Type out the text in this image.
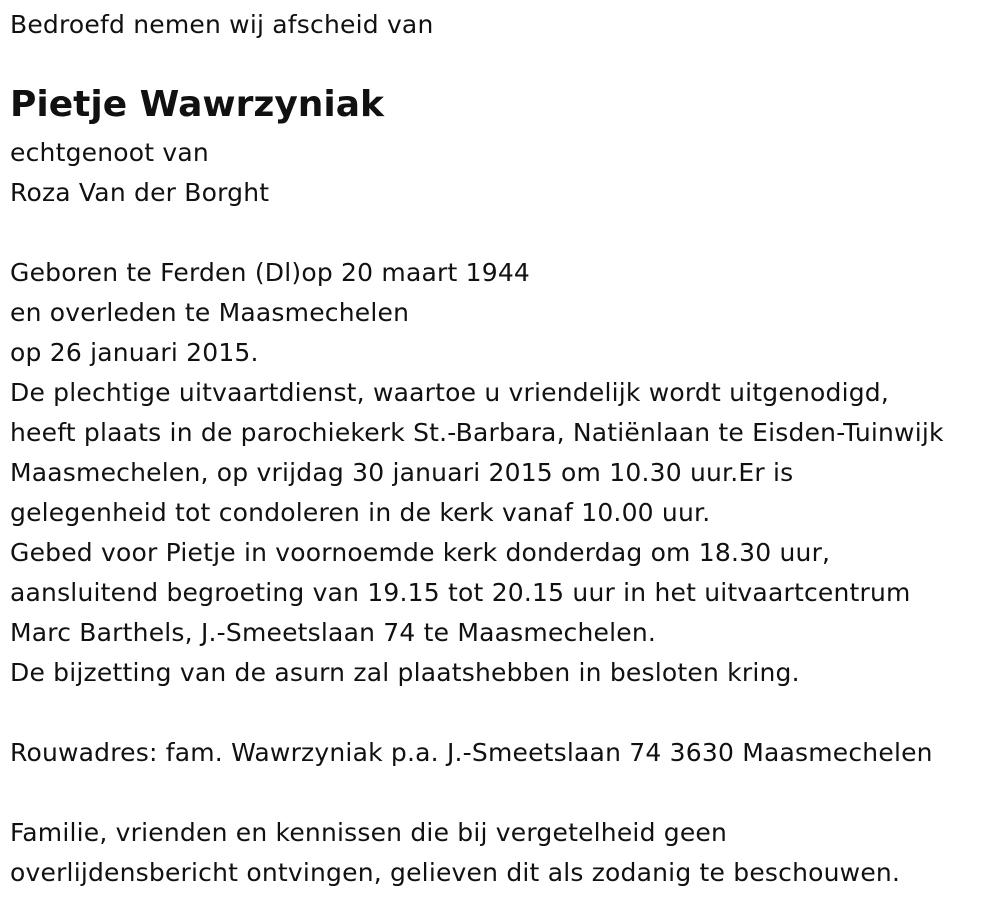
Bedroefd nemen wij afscheid van
Pietje Wawrzyniak
echtgenoot van
Roza Van der Borght
Geboren te Ferden (Dl)op 20 maart 1944
en overleden te Maasmechelen
op 26 januari 2015.
De plechtige uitvaartdienst, waartoe u vriendelijk wordt uitgenodigd,
heeft plaats in de parochiekerk St.-Barbara, Natiënlaan te Eisden-Tuinwijk
Maasmechelen, op vrijdag 30 januari 2015 om 10.30 uur.Er is
gelegenheid tot condoleren in de kerk vanaf 10.00 uur.
Gebed voor Pietje in voornoemde kerk donderdag om 18.30 uur,
aansluitend begroeting van 19.15 tot 20.15 uur in het uitvaartcentrum
Marc Barthels, J.-Smeetslaan 74 te Maasmechelen.
De bijzetting van de asurn zal plaatshebben in besloten kring.
Rouwadres: fam. Wawrzyniak p.a. J.-Smeetslaan 74 3630 Maasmechelen
Familie, vrienden en kennissen die bij vergetelheid geen
overlijdensbericht ontvingen, gelieven dit als zodanig te beschouwen.
